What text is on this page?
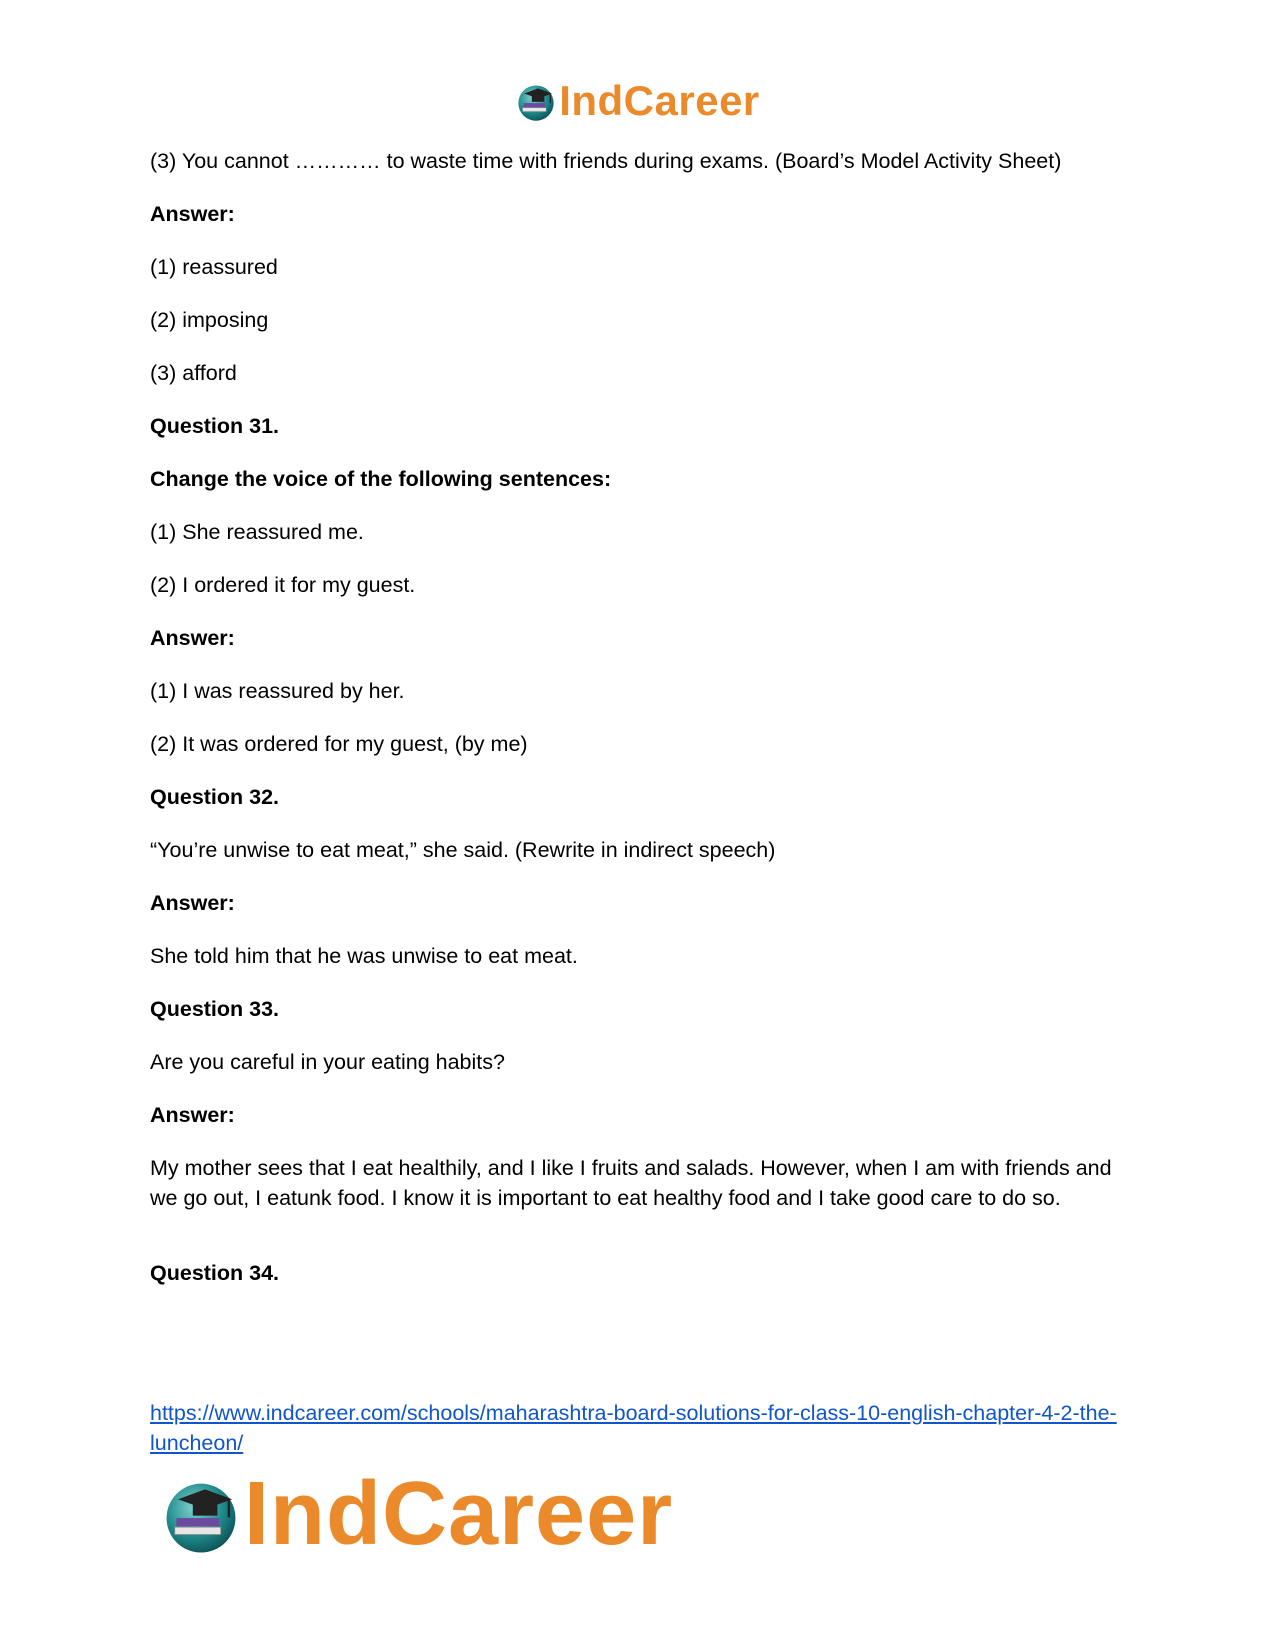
IndCareer

(3) You cannot ………… to waste time with friends during exams. (Board’s Model Activity Sheet)

Answer:

(1) reassured

(2) imposing

(3) afford

Question 31.

Change the voice of the following sentences:

(1) She reassured me.

(2) I ordered it for my guest.

Answer:

(1) I was reassured by her.

(2) It was ordered for my guest, (by me)

Question 32.

“You’re unwise to eat meat,” she said. (Rewrite in indirect speech)

Answer:

She told him that he was unwise to eat meat.

Question 33.

Are you careful in your eating habits?

Answer:

My mother sees that I eat healthily, and I like I fruits and salads. However, when I am with friends and we go out, I eatunk food. I know it is important to eat healthy food and I take good care to do so.

Question 34.

https://www.indcareer.com/schools/maharashtra-board-solutions-for-class-10-english-chapter-4-2-the-luncheon/
IndCareer
